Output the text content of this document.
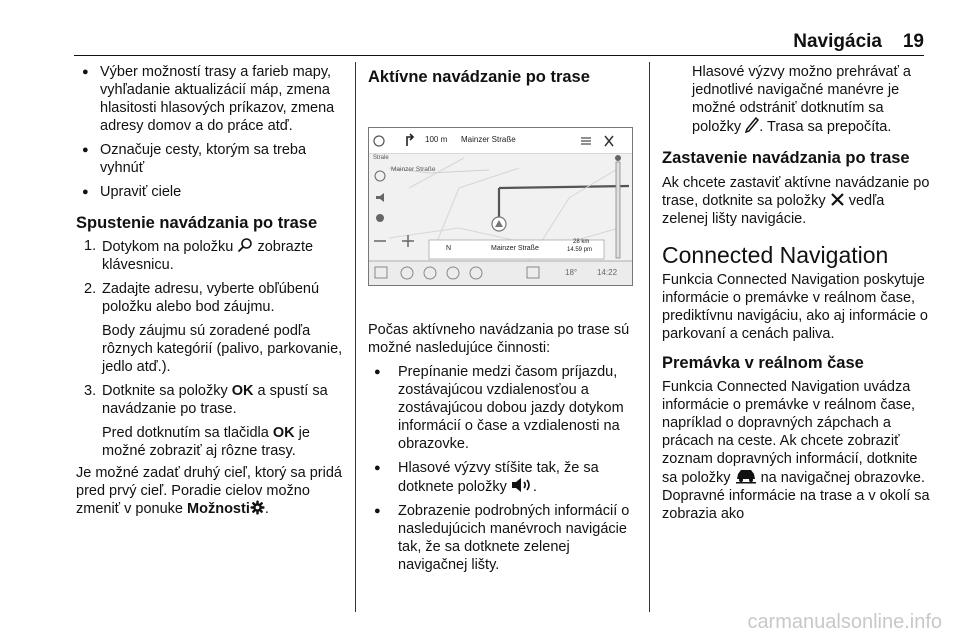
Navigácia 19

● Výber možností trasy a farieb mapy, vyhľadanie aktualizácií máp, zmena hlasitosti hlasových príkazov, zmena adresy domov a do práce atď.

● Označuje cesty, ktorým sa treba vyhnúť

● Upraviť ciele

Spustenie navádzania po trase

1. Dotykom na položku zobrazte klávesnicu.

2. Zadajte adresu, vyberte obľúbenú položku alebo bod záujmu.

Body záujmu sú zoradené podľa rôznych kategórií (palivo, parkovanie, jedlo atď.).

3. Dotknite sa položky OK a spustí sa navádzanie po trase.

Pred dotknutím sa tlačidla OK je možné zobraziť aj rôzne trasy.

Je možné zadať druhý cieľ, ktorý sa pridá pred prvý cieľ. Poradie cielov možno zmeniť v ponuke Možnosti .

Aktívne navádzanie po trase
100 m Mainzer Straße
Strale
Mainzer Straße
N	Mainzer Straße
28 km
14.59 pm
18° 14:22

Počas aktívneho navádzania po trase sú možné nasledujúce činnosti:

● Prepínanie medzi časom príjazdu, zostávajúcou vzdialenosťou a zostávajúcou dobou jazdy dotykom informácií o čase a vzdialenosti na obrazovke.

● Hlasové výzvy stíšite tak, že sa dotknete položky .

● Zobrazenie podrobných informácií o nasledujúcich manévroch navigácie tak, že sa dotknete zelenej navigačnej lišty.

Hlasové výzvy možno prehrávať a jednotlivé navigačné manévre je možné odstrániť dotknutím sa položky . Trasa sa prepočíta.

Zastavenie navádzania po trase

Ak chcete zastaviť aktívne navádzanie po trase, dotknite sa položky vedľa zelenej lišty navigácie.

Connected Navigation

Funkcia Connected Navigation poskytuje informácie o premávke v reálnom čase, prediktívnu navigáciu, ako aj informácie o parkovaní a cenách paliva.

Premávka v reálnom čase

Funkcia Connected Navigation uvádza informácie o premávke v reálnom čase, napríklad o dopravných zápchach a prácach na ceste. Ak chcete zobraziť zoznam dopravných informácií, dotknite sa položky na navigačnej obrazovke. Dopravné informácie na trase a v okolí sa zobrazia ako

carmanualsonline.info
